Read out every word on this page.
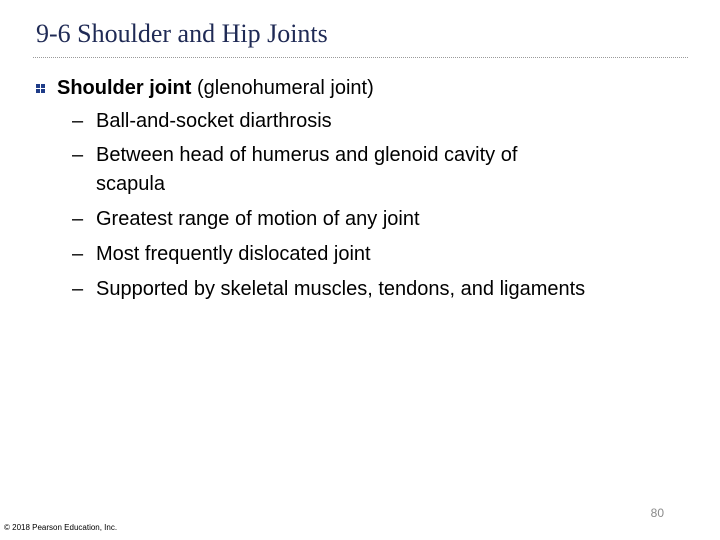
9-6 Shoulder and Hip Joints
Shoulder joint (glenohumeral joint)
– Ball-and-socket diarthrosis
– Between head of humerus and glenoid cavity of
scapula
– Greatest range of motion of any joint
– Most frequently dislocated joint
– Supported by skeletal muscles, tendons, and ligaments
80
© 2018 Pearson Education, Inc.
